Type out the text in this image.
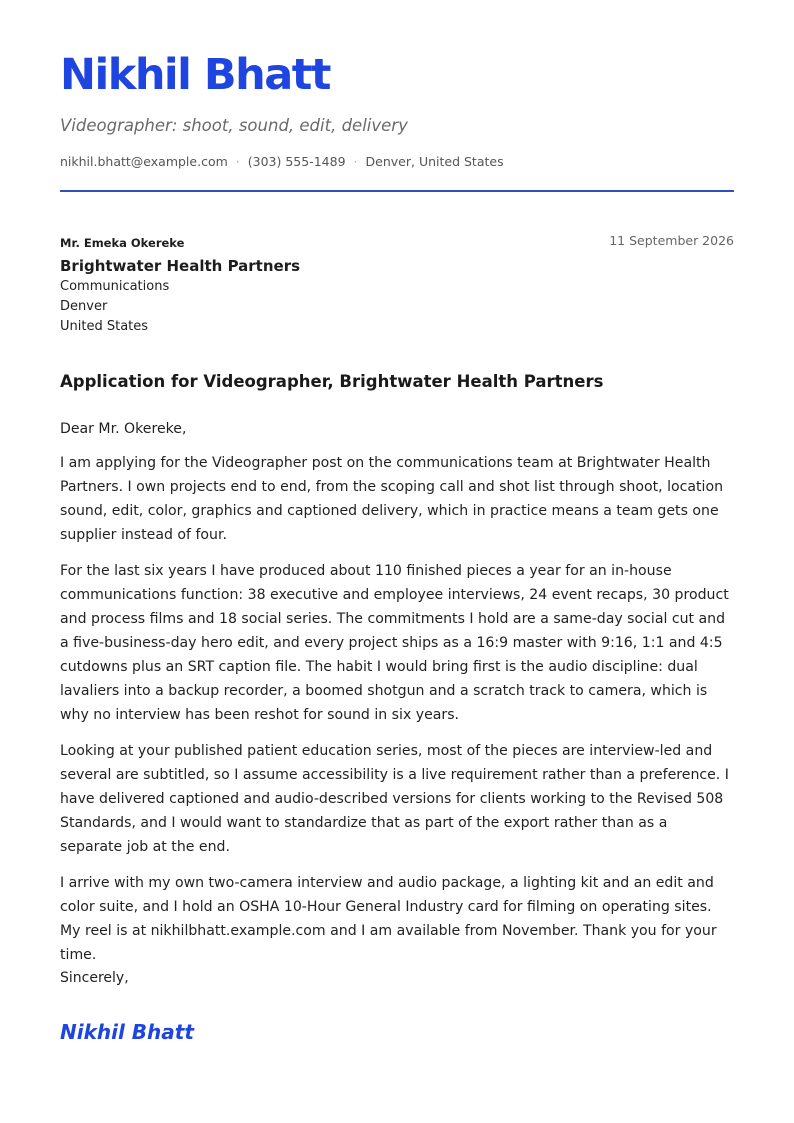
Nikhil Bhatt
Videographer: shoot, sound, edit, delivery
nikhil.bhatt@example.com · (303) 555-1489 · Denver, United States
Mr. Emeka Okereke
Brightwater Health Partners
Communications
Denver
United States
11 September 2026
Application for Videographer, Brightwater Health Partners

Dear Mr. Okereke,

I am applying for the Videographer post on the communications team at Brightwater Health Partners. I own projects end to end, from the scoping call and shot list through shoot, location sound, edit, color, graphics and captioned delivery, which in practice means a team gets one supplier instead of four.

For the last six years I have produced about 110 finished pieces a year for an in-house communications function: 38 executive and employee interviews, 24 event recaps, 30 product and process films and 18 social series. The commitments I hold are a same-day social cut and a five-business-day hero edit, and every project ships as a 16:9 master with 9:16, 1:1 and 4:5 cutdowns plus an SRT caption file. The habit I would bring first is the audio discipline: dual lavaliers into a backup recorder, a boomed shotgun and a scratch track to camera, which is why no interview has been reshot for sound in six years.

Looking at your published patient education series, most of the pieces are interview-led and several are subtitled, so I assume accessibility is a live requirement rather than a preference. I have delivered captioned and audio-described versions for clients working to the Revised 508 Standards, and I would want to standardize that as part of the export rather than as a separate job at the end.

I arrive with my own two-camera interview and audio package, a lighting kit and an edit and color suite, and I hold an OSHA 10-Hour General Industry card for filming on operating sites. My reel is at nikhilbhatt.example.com and I am available from November. Thank you for your time.

Sincerely,
Nikhil Bhatt
